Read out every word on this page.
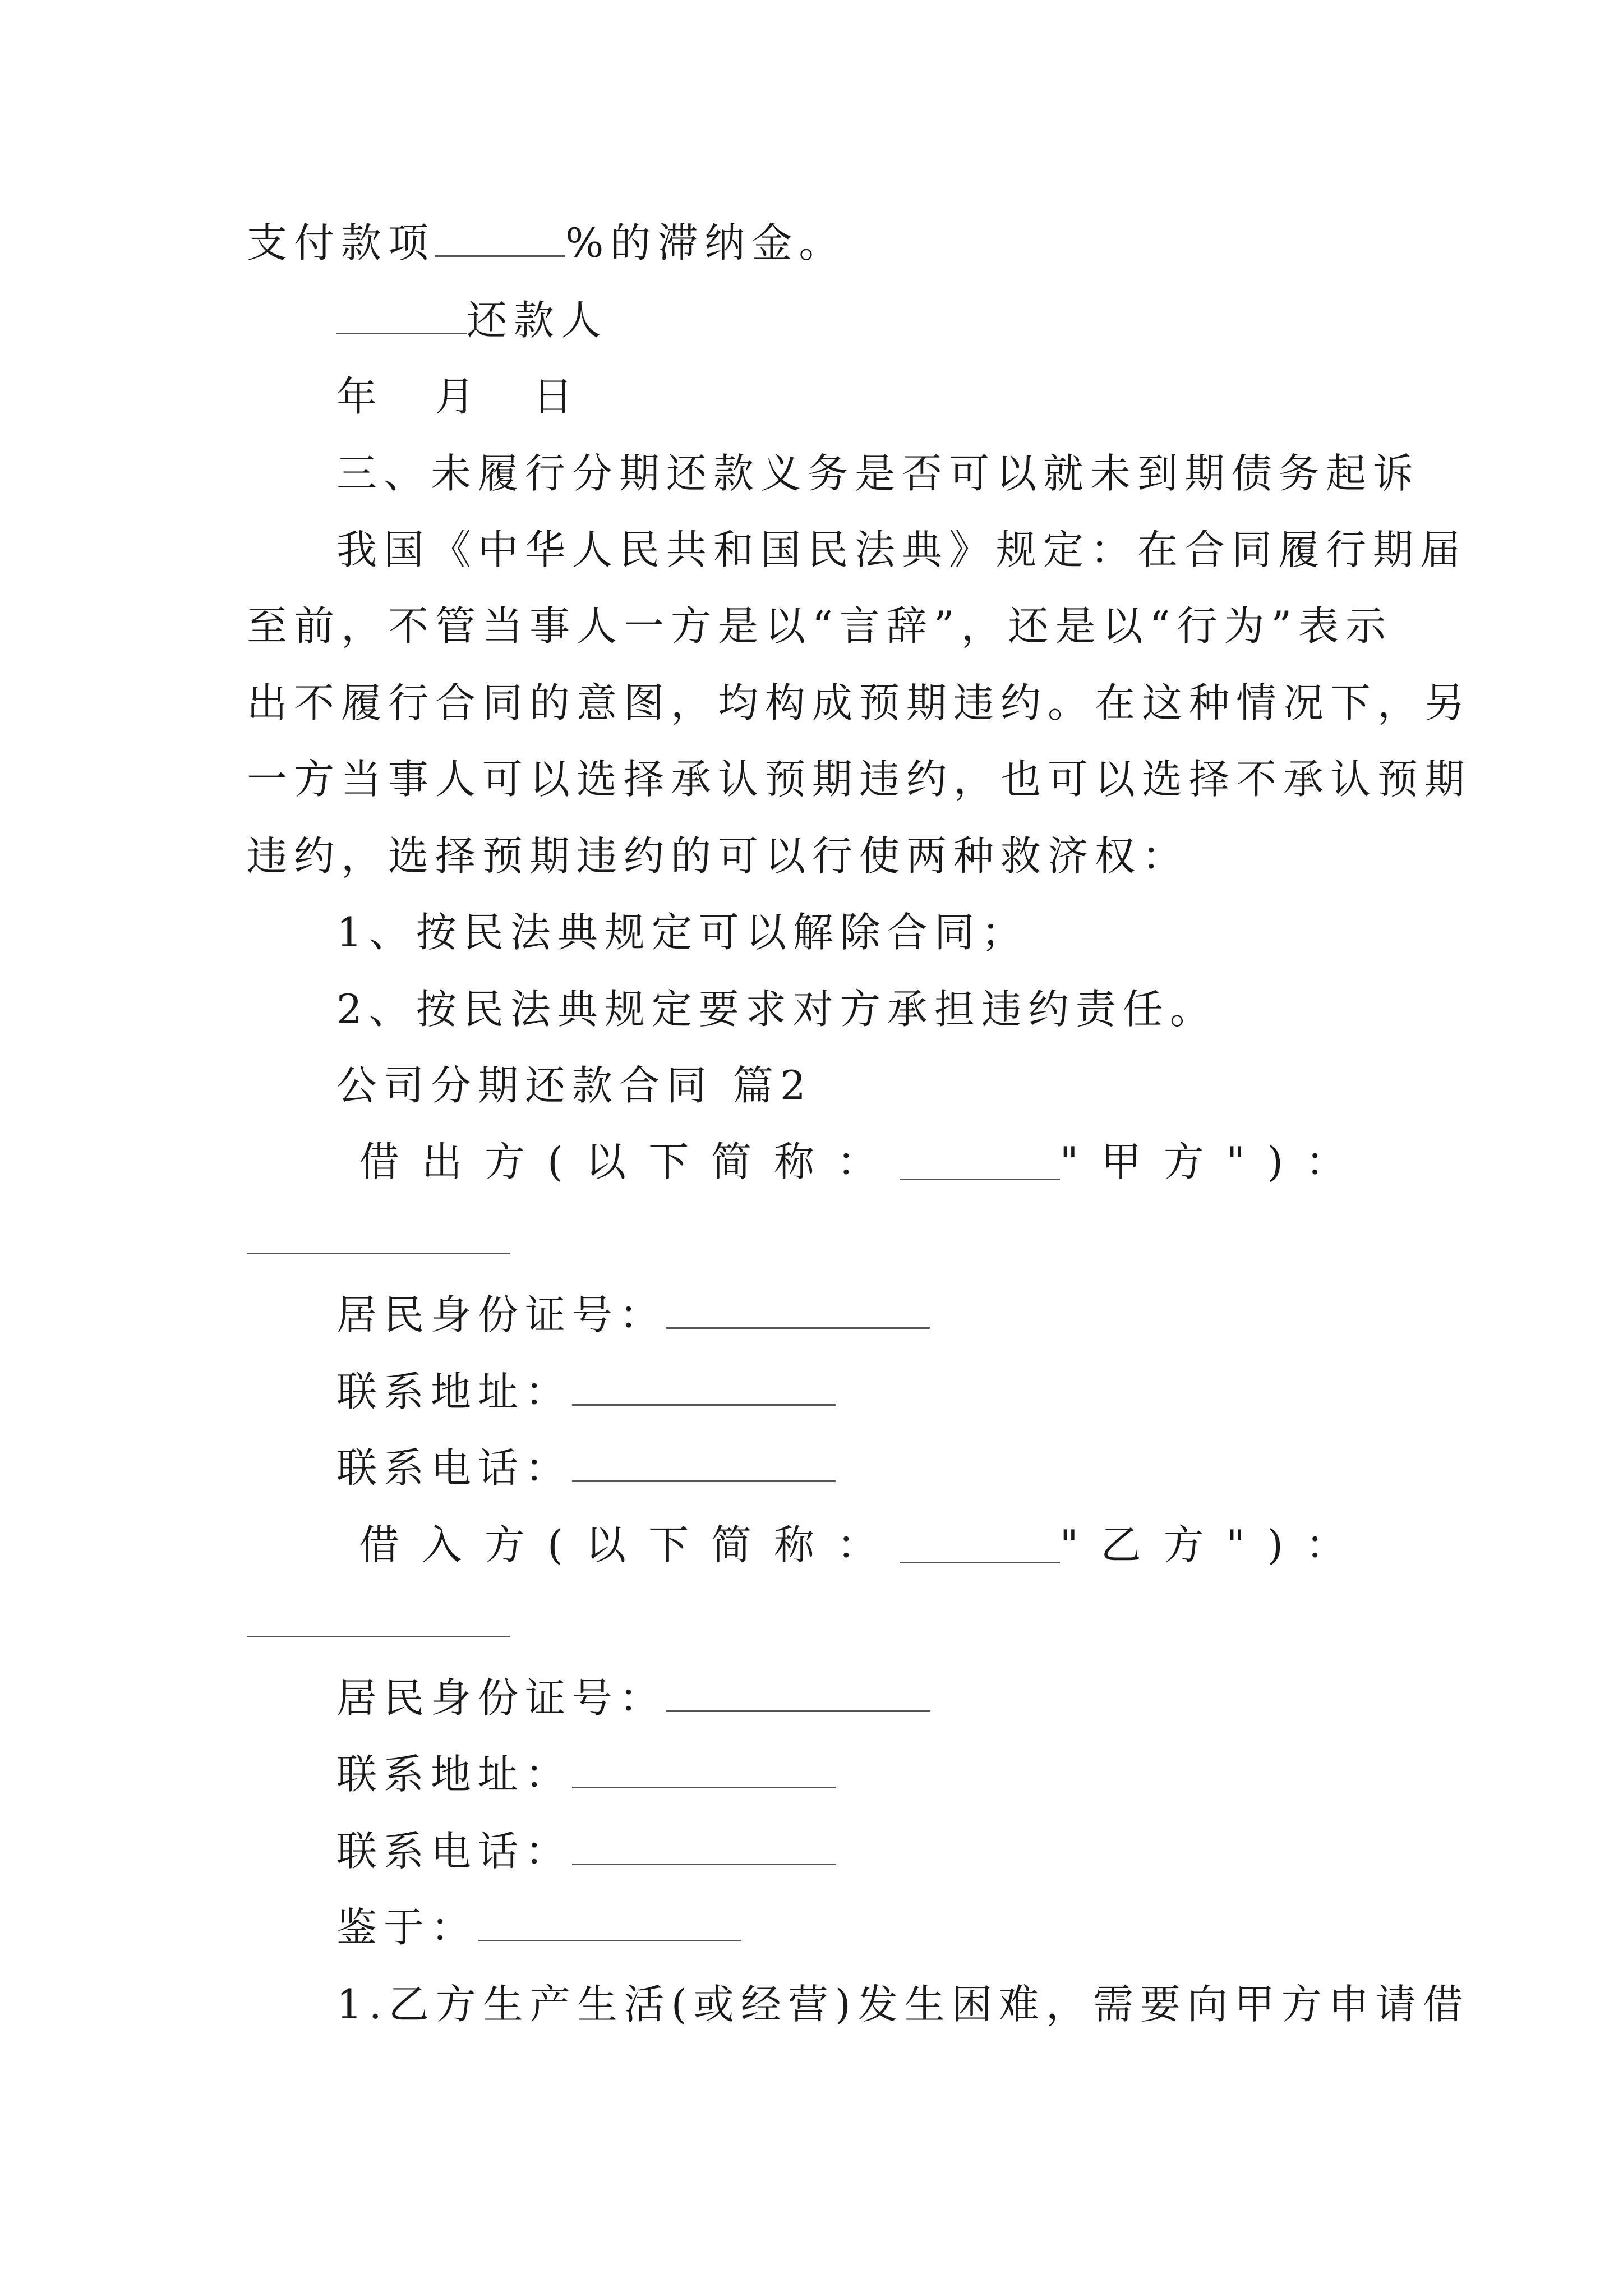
支付款项	%的滞纳金。
还款人
年 月 日
三、未履行分期还款义务是否可以就未到期债务起诉
我国《中华人民共和国民法典》规定：在合同履行期届
至前，不管当事人一方是以“言辞”，还是以“行为”表示
出不履行合同的意图，均构成预期违约。在这种情况下，另
一方当事人可以选择承认预期违约，也可以选择不承认预期
违约，选择预期违约的可以行使两种救济权：
1、按民法典规定可以解除合同；
2、按民法典规定要求对方承担违约责任。
公司分期还款合同 篇2
借出方(以下简称：	"甲方")：
居民身份证号：
联系地址：
联系电话：
借入方(以下简称：	"乙方")：
居民身份证号：
联系地址：
联系电话：
鉴于：
1.乙方生产生活(或经营)发生困难，需要向甲方申请借
